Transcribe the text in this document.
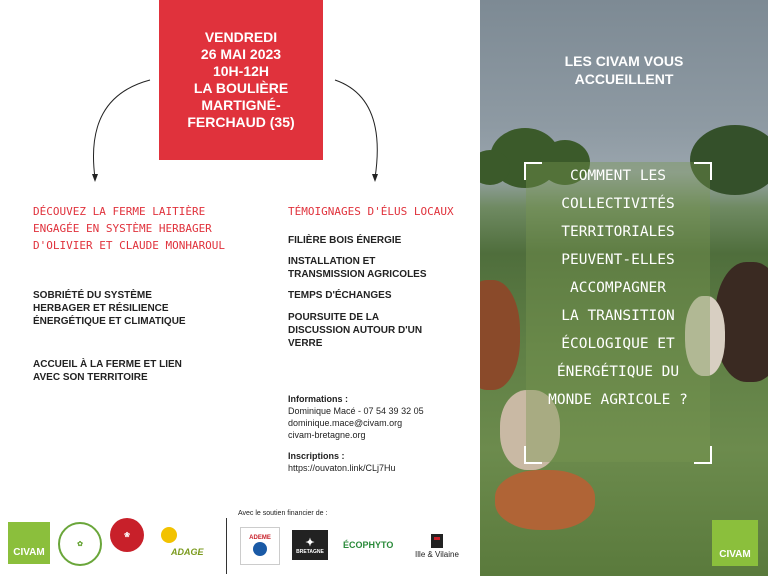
VENDREDI
26 MAI 2023
10H-12H
LA BOULIÈRE
MARTIGNÉ-
FERCHAUD (35)
DÉCOUVEZ LA FERME LAITIÈRE
ENGAGÉE EN SYSTÈME HERBAGER
D'OLIVIER ET CLAUDE MONHAROUL
SOBRIÉTÉ DU SYSTÈME
HERBAGER ET RÉSILIENCE
ÉNERGÉTIQUE ET CLIMATIQUE
ACCUEIL À LA FERME ET LIEN
AVEC SON TERRITOIRE
TÉMOIGNAGES D'ÉLUS LOCAUX
FILIÈRE BOIS ÉNERGIE
INSTALLATION ET
TRANSMISSION AGRICOLES
TEMPS D'ÉCHANGES
POURSUITE DE LA
DISCUSSION AUTOUR D'UN
VERRE
Informations :
Dominique Macé - 07 54 39 32 05
dominique.mace@civam.org
civam-bretagne.org
Inscriptions :
https://ouvaton.link/CLj7Hu
CIVAM
✿
❀
ADAGE
Avec le soutien financier de :
ADEME	✦
BRETAGNE
ÉCOPHYTO
Ille & Vilaine
LES CIVAM VOUS
ACCUEILLENT
COMMENT LES
COLLECTIVITÉS
TERRITORIALES
PEUVENT-ELLES
ACCOMPAGNER
LA TRANSITION
ÉCOLOGIQUE ET
ÉNERGÉTIQUE DU
MONDE AGRICOLE ?
CIVAM
